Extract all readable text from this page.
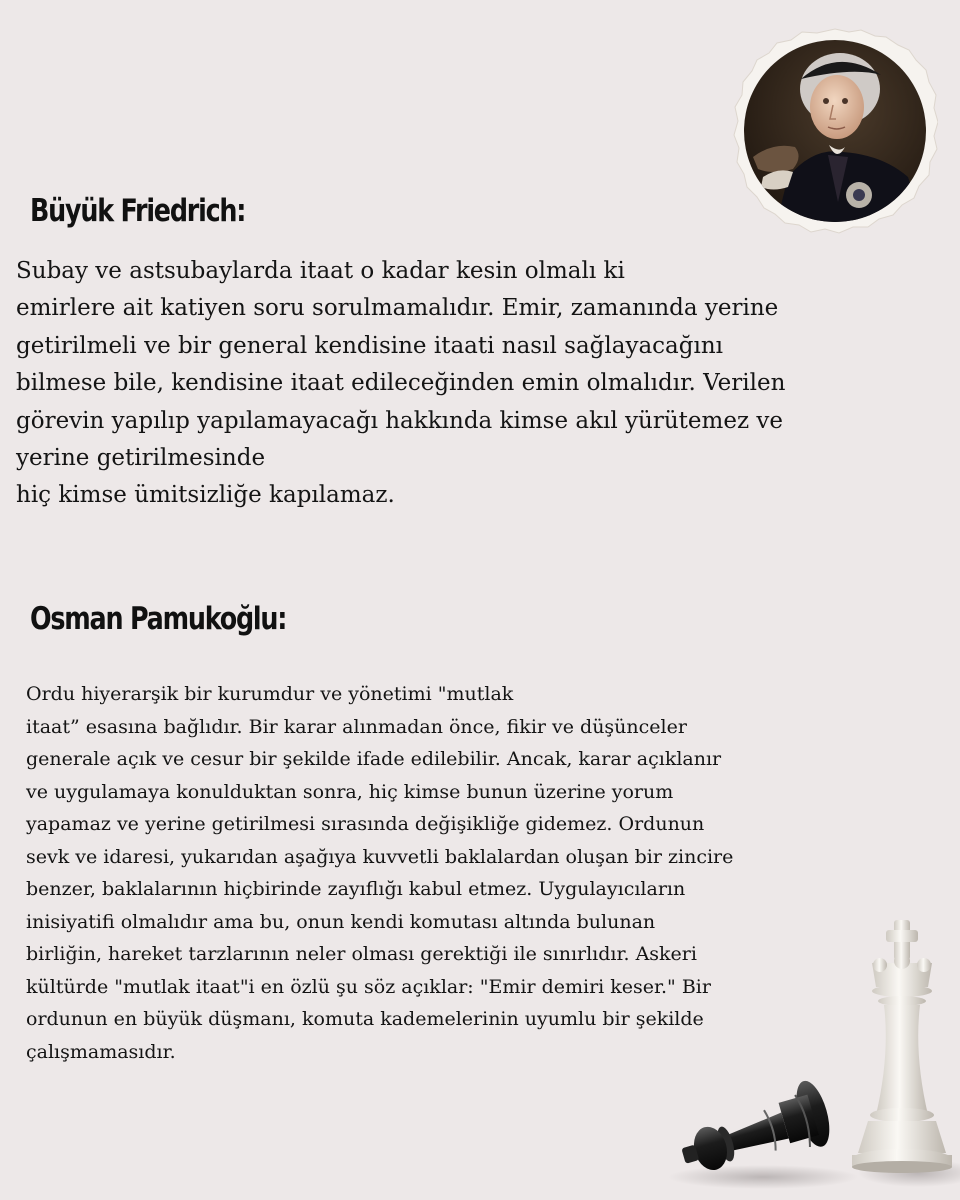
Büyük Friedrich:
Subay ve astsubaylarda itaat o kadar kesin olmalı ki
emirlere ait katiyen soru sorulmamalıdır. Emir, zamanında yerine
getirilmeli ve bir general kendisine itaati nasıl sağlayacağını
bilmese bile, kendisine itaat edileceğinden emin olmalıdır. Verilen
görevin yapılıp yapılamayacağı hakkında kimse akıl yürütemez ve
yerine getirilmesinde
hiç kimse ümitsizliğe kapılamaz.
Osman Pamukoğlu:
Ordu hiyerarşik bir kurumdur ve yönetimi "mutlak
itaat” esasına bağlıdır. Bir karar alınmadan önce, fikir ve düşünceler
generale açık ve cesur bir şekilde ifade edilebilir. Ancak, karar açıklanır
ve uygulamaya konulduktan sonra, hiç kimse bunun üzerine yorum
yapamaz ve yerine getirilmesi sırasında değişikliğe gidemez. Ordunun
sevk ve idaresi, yukarıdan aşağıya kuvvetli baklalardan oluşan bir zincire
benzer, baklalarının hiçbirinde zayıflığı kabul etmez. Uygulayıcıların
inisiyatifi olmalıdır ama bu, onun kendi komutası altında bulunan
birliğin, hareket tarzlarının neler olması gerektiği ile sınırlıdır. Askeri
kültürde "mutlak itaat"i en özlü şu söz açıklar: "Emir demiri keser." Bir
ordunun en büyük düşmanı, komuta kademelerinin uyumlu bir şekilde
çalışmamasıdır.
